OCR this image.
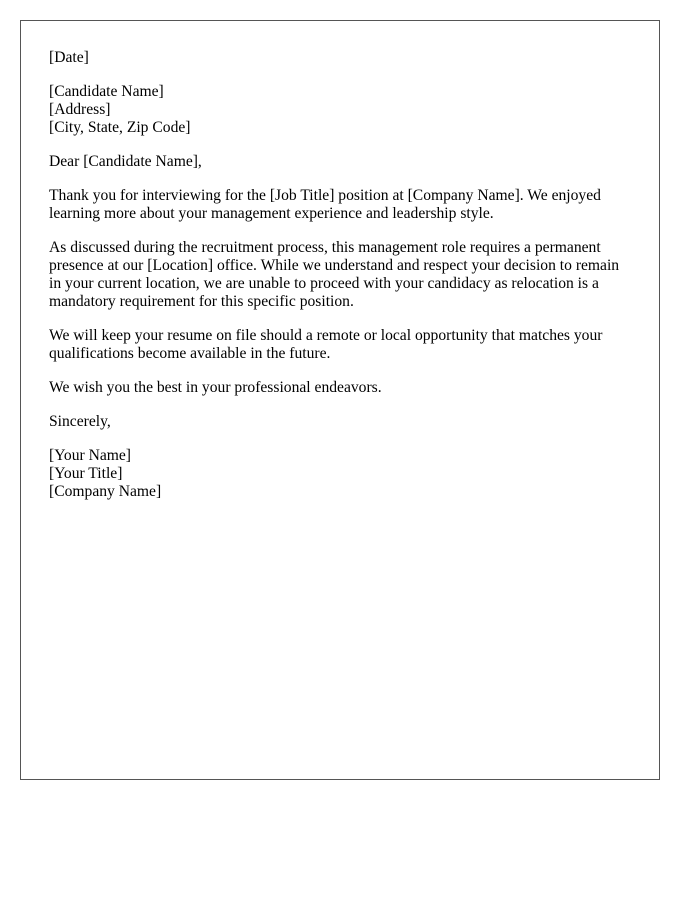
[Date]
[Candidate Name]
[Address]
[City, State, Zip Code]
Dear [Candidate Name],

Thank you for interviewing for the [Job Title] position at [Company Name]. We enjoyed learning more about your management experience and leadership style.

As discussed during the recruitment process, this management role requires a permanent presence at our [Location] office. While we understand and respect your decision to remain in your current location, we are unable to proceed with your candidacy as relocation is a mandatory requirement for this specific position.

We will keep your resume on file should a remote or local opportunity that matches your qualifications become available in the future.

We wish you the best in your professional endeavors.

Sincerely,
[Your Name]
[Your Title]
[Company Name]
